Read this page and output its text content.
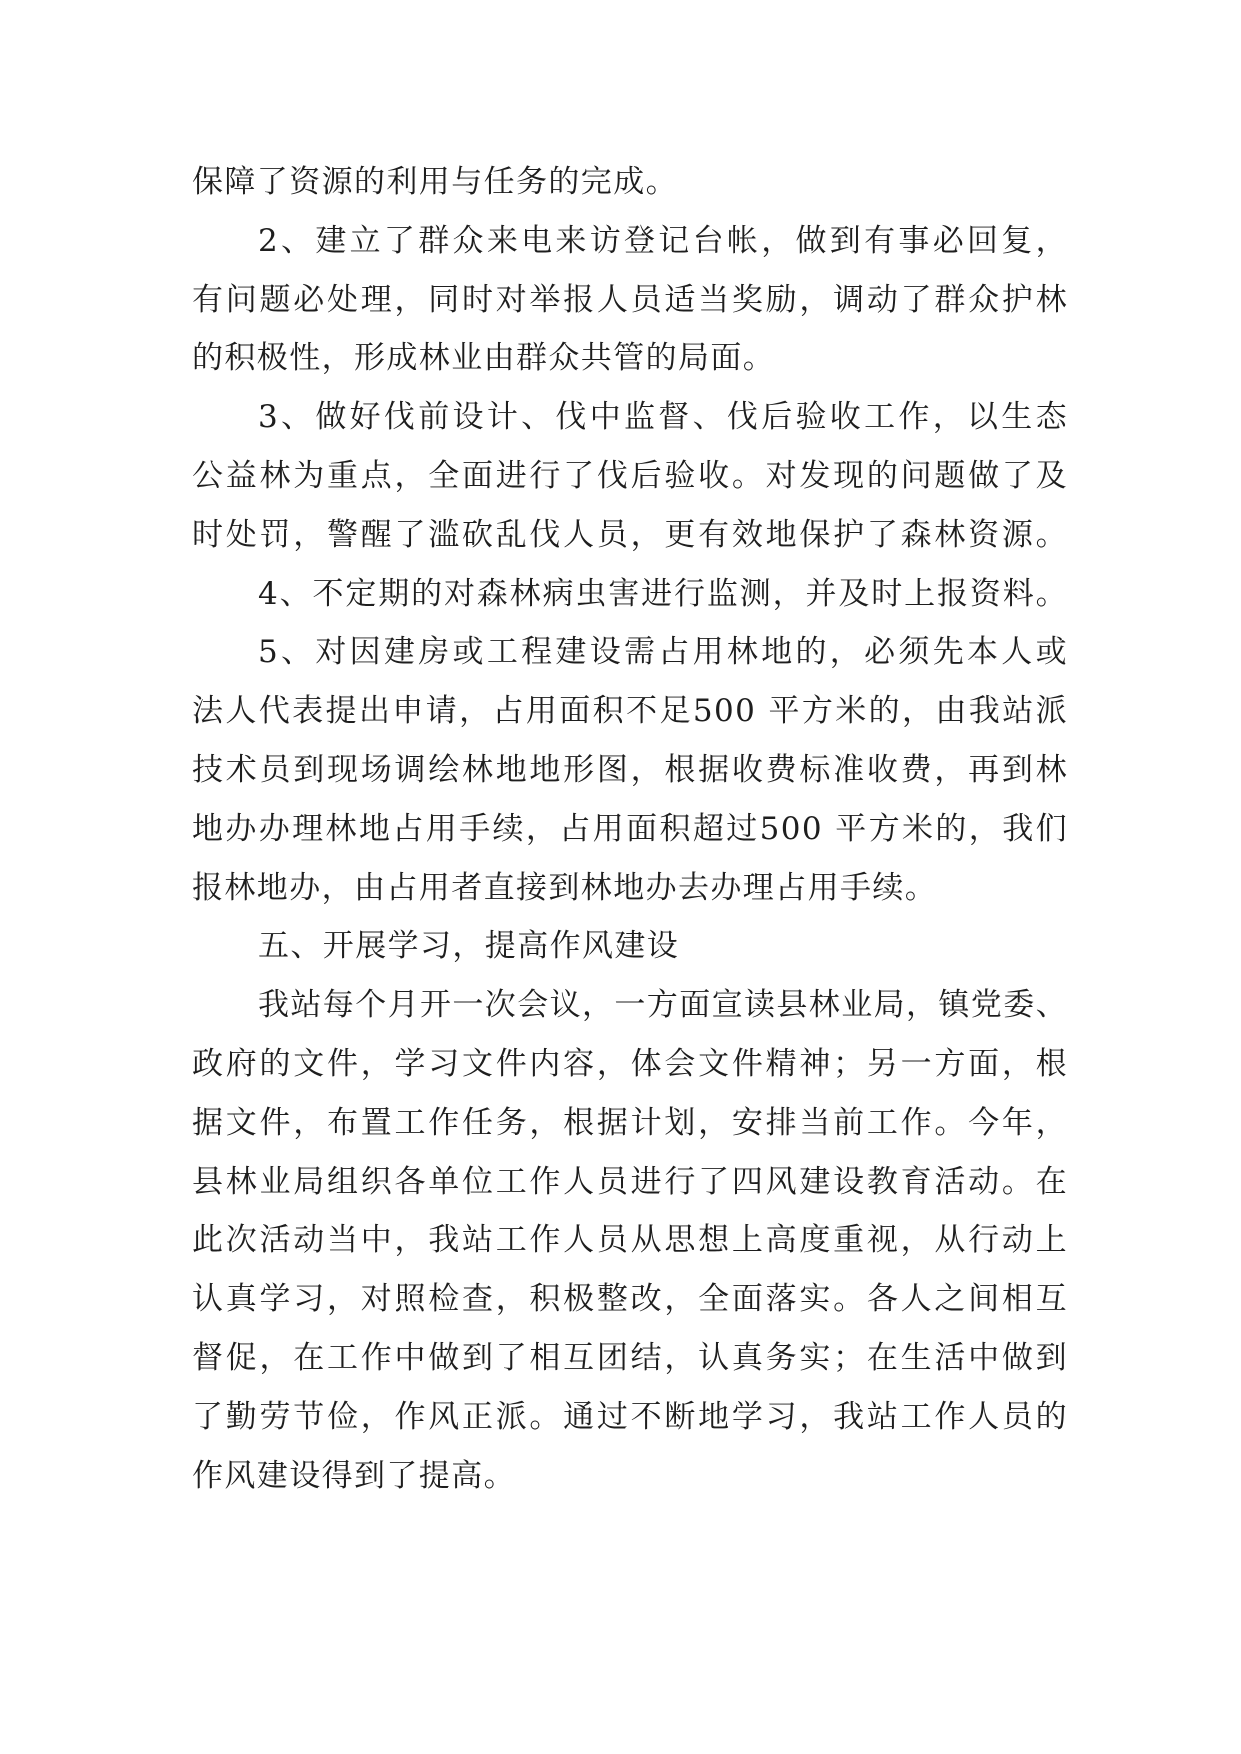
保障了资源的利用与任务的完成。
2、建立了群众来电来访登记台帐，做到有事必回复，
有问题必处理，同时对举报人员适当奖励，调动了群众护林
的积极性，形成林业由群众共管的局面。
3、做好伐前设计、伐中监督、伐后验收工作，以生态
公益林为重点，全面进行了伐后验收。对发现的问题做了及
时处罚，警醒了滥砍乱伐人员，更有效地保护了森林资源。
4、不定期的对森林病虫害进行监测，并及时上报资料。
5、对因建房或工程建设需占用林地的，必须先本人或
法人代表提出申请，占用面积不足500 平方米的，由我站派
技术员到现场调绘林地地形图，根据收费标准收费，再到林
地办办理林地占用手续，占用面积超过500 平方米的，我们
报林地办，由占用者直接到林地办去办理占用手续。
五、开展学习，提高作风建设
我站每个月开一次会议，一方面宣读县林业局，镇党委、
政府的文件，学习文件内容，体会文件精神；另一方面，根
据文件，布置工作任务，根据计划，安排当前工作。今年，
县林业局组织各单位工作人员进行了四风建设教育活动。在
此次活动当中，我站工作人员从思想上高度重视，从行动上
认真学习，对照检查，积极整改，全面落实。各人之间相互
督促，在工作中做到了相互团结，认真务实；在生活中做到
了勤劳节俭，作风正派。通过不断地学习，我站工作人员的
作风建设得到了提高。
